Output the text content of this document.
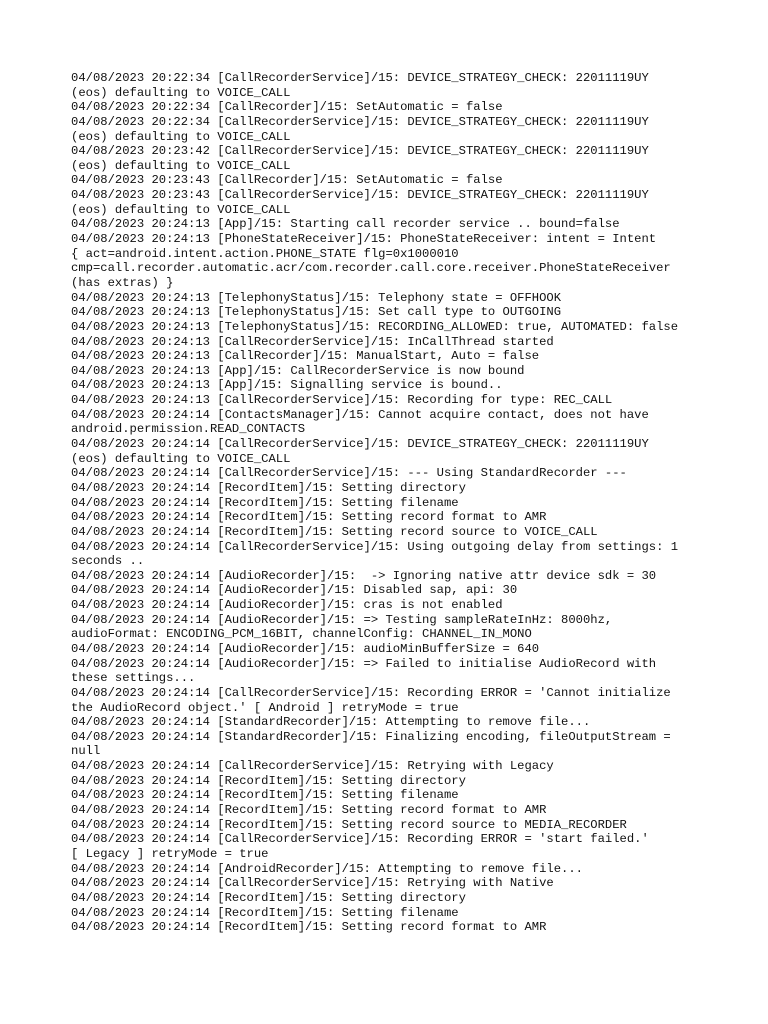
04/08/2023 20:22:34 [CallRecorderService]/15: DEVICE_STRATEGY_CHECK: 22011119UY
(eos) defaulting to VOICE_CALL
04/08/2023 20:22:34 [CallRecorder]/15: SetAutomatic = false
04/08/2023 20:22:34 [CallRecorderService]/15: DEVICE_STRATEGY_CHECK: 22011119UY
(eos) defaulting to VOICE_CALL
04/08/2023 20:23:42 [CallRecorderService]/15: DEVICE_STRATEGY_CHECK: 22011119UY
(eos) defaulting to VOICE_CALL
04/08/2023 20:23:43 [CallRecorder]/15: SetAutomatic = false
04/08/2023 20:23:43 [CallRecorderService]/15: DEVICE_STRATEGY_CHECK: 22011119UY
(eos) defaulting to VOICE_CALL
04/08/2023 20:24:13 [App]/15: Starting call recorder service .. bound=false
04/08/2023 20:24:13 [PhoneStateReceiver]/15: PhoneStateReceiver: intent = Intent
{ act=android.intent.action.PHONE_STATE flg=0x1000010
cmp=call.recorder.automatic.acr/com.recorder.call.core.receiver.PhoneStateReceiver
(has extras) }
04/08/2023 20:24:13 [TelephonyStatus]/15: Telephony state = OFFHOOK
04/08/2023 20:24:13 [TelephonyStatus]/15: Set call type to OUTGOING
04/08/2023 20:24:13 [TelephonyStatus]/15: RECORDING_ALLOWED: true, AUTOMATED: false
04/08/2023 20:24:13 [CallRecorderService]/15: InCallThread started
04/08/2023 20:24:13 [CallRecorder]/15: ManualStart, Auto = false
04/08/2023 20:24:13 [App]/15: CallRecorderService is now bound
04/08/2023 20:24:13 [App]/15: Signalling service is bound..
04/08/2023 20:24:13 [CallRecorderService]/15: Recording for type: REC_CALL
04/08/2023 20:24:14 [ContactsManager]/15: Cannot acquire contact, does not have
android.permission.READ_CONTACTS
04/08/2023 20:24:14 [CallRecorderService]/15: DEVICE_STRATEGY_CHECK: 22011119UY
(eos) defaulting to VOICE_CALL
04/08/2023 20:24:14 [CallRecorderService]/15: --- Using StandardRecorder ---
04/08/2023 20:24:14 [RecordItem]/15: Setting directory
04/08/2023 20:24:14 [RecordItem]/15: Setting filename
04/08/2023 20:24:14 [RecordItem]/15: Setting record format to AMR
04/08/2023 20:24:14 [RecordItem]/15: Setting record source to VOICE_CALL
04/08/2023 20:24:14 [CallRecorderService]/15: Using outgoing delay from settings: 1
seconds ..
04/08/2023 20:24:14 [AudioRecorder]/15:  -> Ignoring native attr device sdk = 30
04/08/2023 20:24:14 [AudioRecorder]/15: Disabled sap, api: 30
04/08/2023 20:24:14 [AudioRecorder]/15: cras is not enabled
04/08/2023 20:24:14 [AudioRecorder]/15: => Testing sampleRateInHz: 8000hz,
audioFormat: ENCODING_PCM_16BIT, channelConfig: CHANNEL_IN_MONO
04/08/2023 20:24:14 [AudioRecorder]/15: audioMinBufferSize = 640
04/08/2023 20:24:14 [AudioRecorder]/15: => Failed to initialise AudioRecord with
these settings...
04/08/2023 20:24:14 [CallRecorderService]/15: Recording ERROR = 'Cannot initialize
the AudioRecord object.' [ Android ] retryMode = true
04/08/2023 20:24:14 [StandardRecorder]/15: Attempting to remove file...
04/08/2023 20:24:14 [StandardRecorder]/15: Finalizing encoding, fileOutputStream =
null
04/08/2023 20:24:14 [CallRecorderService]/15: Retrying with Legacy
04/08/2023 20:24:14 [RecordItem]/15: Setting directory
04/08/2023 20:24:14 [RecordItem]/15: Setting filename
04/08/2023 20:24:14 [RecordItem]/15: Setting record format to AMR
04/08/2023 20:24:14 [RecordItem]/15: Setting record source to MEDIA_RECORDER
04/08/2023 20:24:14 [CallRecorderService]/15: Recording ERROR = 'start failed.'
[ Legacy ] retryMode = true
04/08/2023 20:24:14 [AndroidRecorder]/15: Attempting to remove file...
04/08/2023 20:24:14 [CallRecorderService]/15: Retrying with Native
04/08/2023 20:24:14 [RecordItem]/15: Setting directory
04/08/2023 20:24:14 [RecordItem]/15: Setting filename
04/08/2023 20:24:14 [RecordItem]/15: Setting record format to AMR
